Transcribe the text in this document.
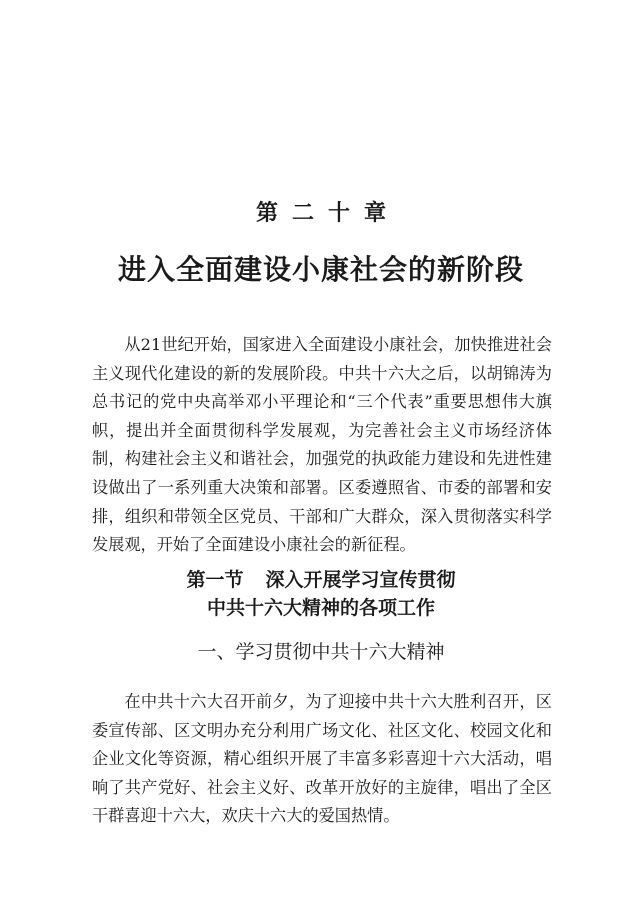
第二十章
进入全面建设小康社会的新阶段

从21世纪开始，国家进入全面建设小康社会，加快推进社会主义现代化建设的新的发展阶段。中共十六大之后，以胡锦涛为总书记的党中央高举邓小平理论和“三个代表”重要思想伟大旗帜，提出并全面贯彻科学发展观，为完善社会主义市场经济体制，构建社会主义和谐社会，加强党的执政能力建设和先进性建设做出了一系列重大决策和部署。区委遵照省、市委的部署和安排，组织和带领全区党员、干部和广大群众，深入贯彻落实科学发展观，开始了全面建设小康社会的新征程。

第一节 深入开展学习宣传贯彻
中共十六大精神的各项工作
一、学习贯彻中共十六大精神

在中共十六大召开前夕，为了迎接中共十六大胜利召开，区委宣传部、区文明办充分利用广场文化、社区文化、校园文化和企业文化等资源，精心组织开展了丰富多彩喜迎十六大活动，唱响了共产党好、社会主义好、改革开放好的主旋律，唱出了全区干群喜迎十六大，欢庆十六大的爱国热情。
